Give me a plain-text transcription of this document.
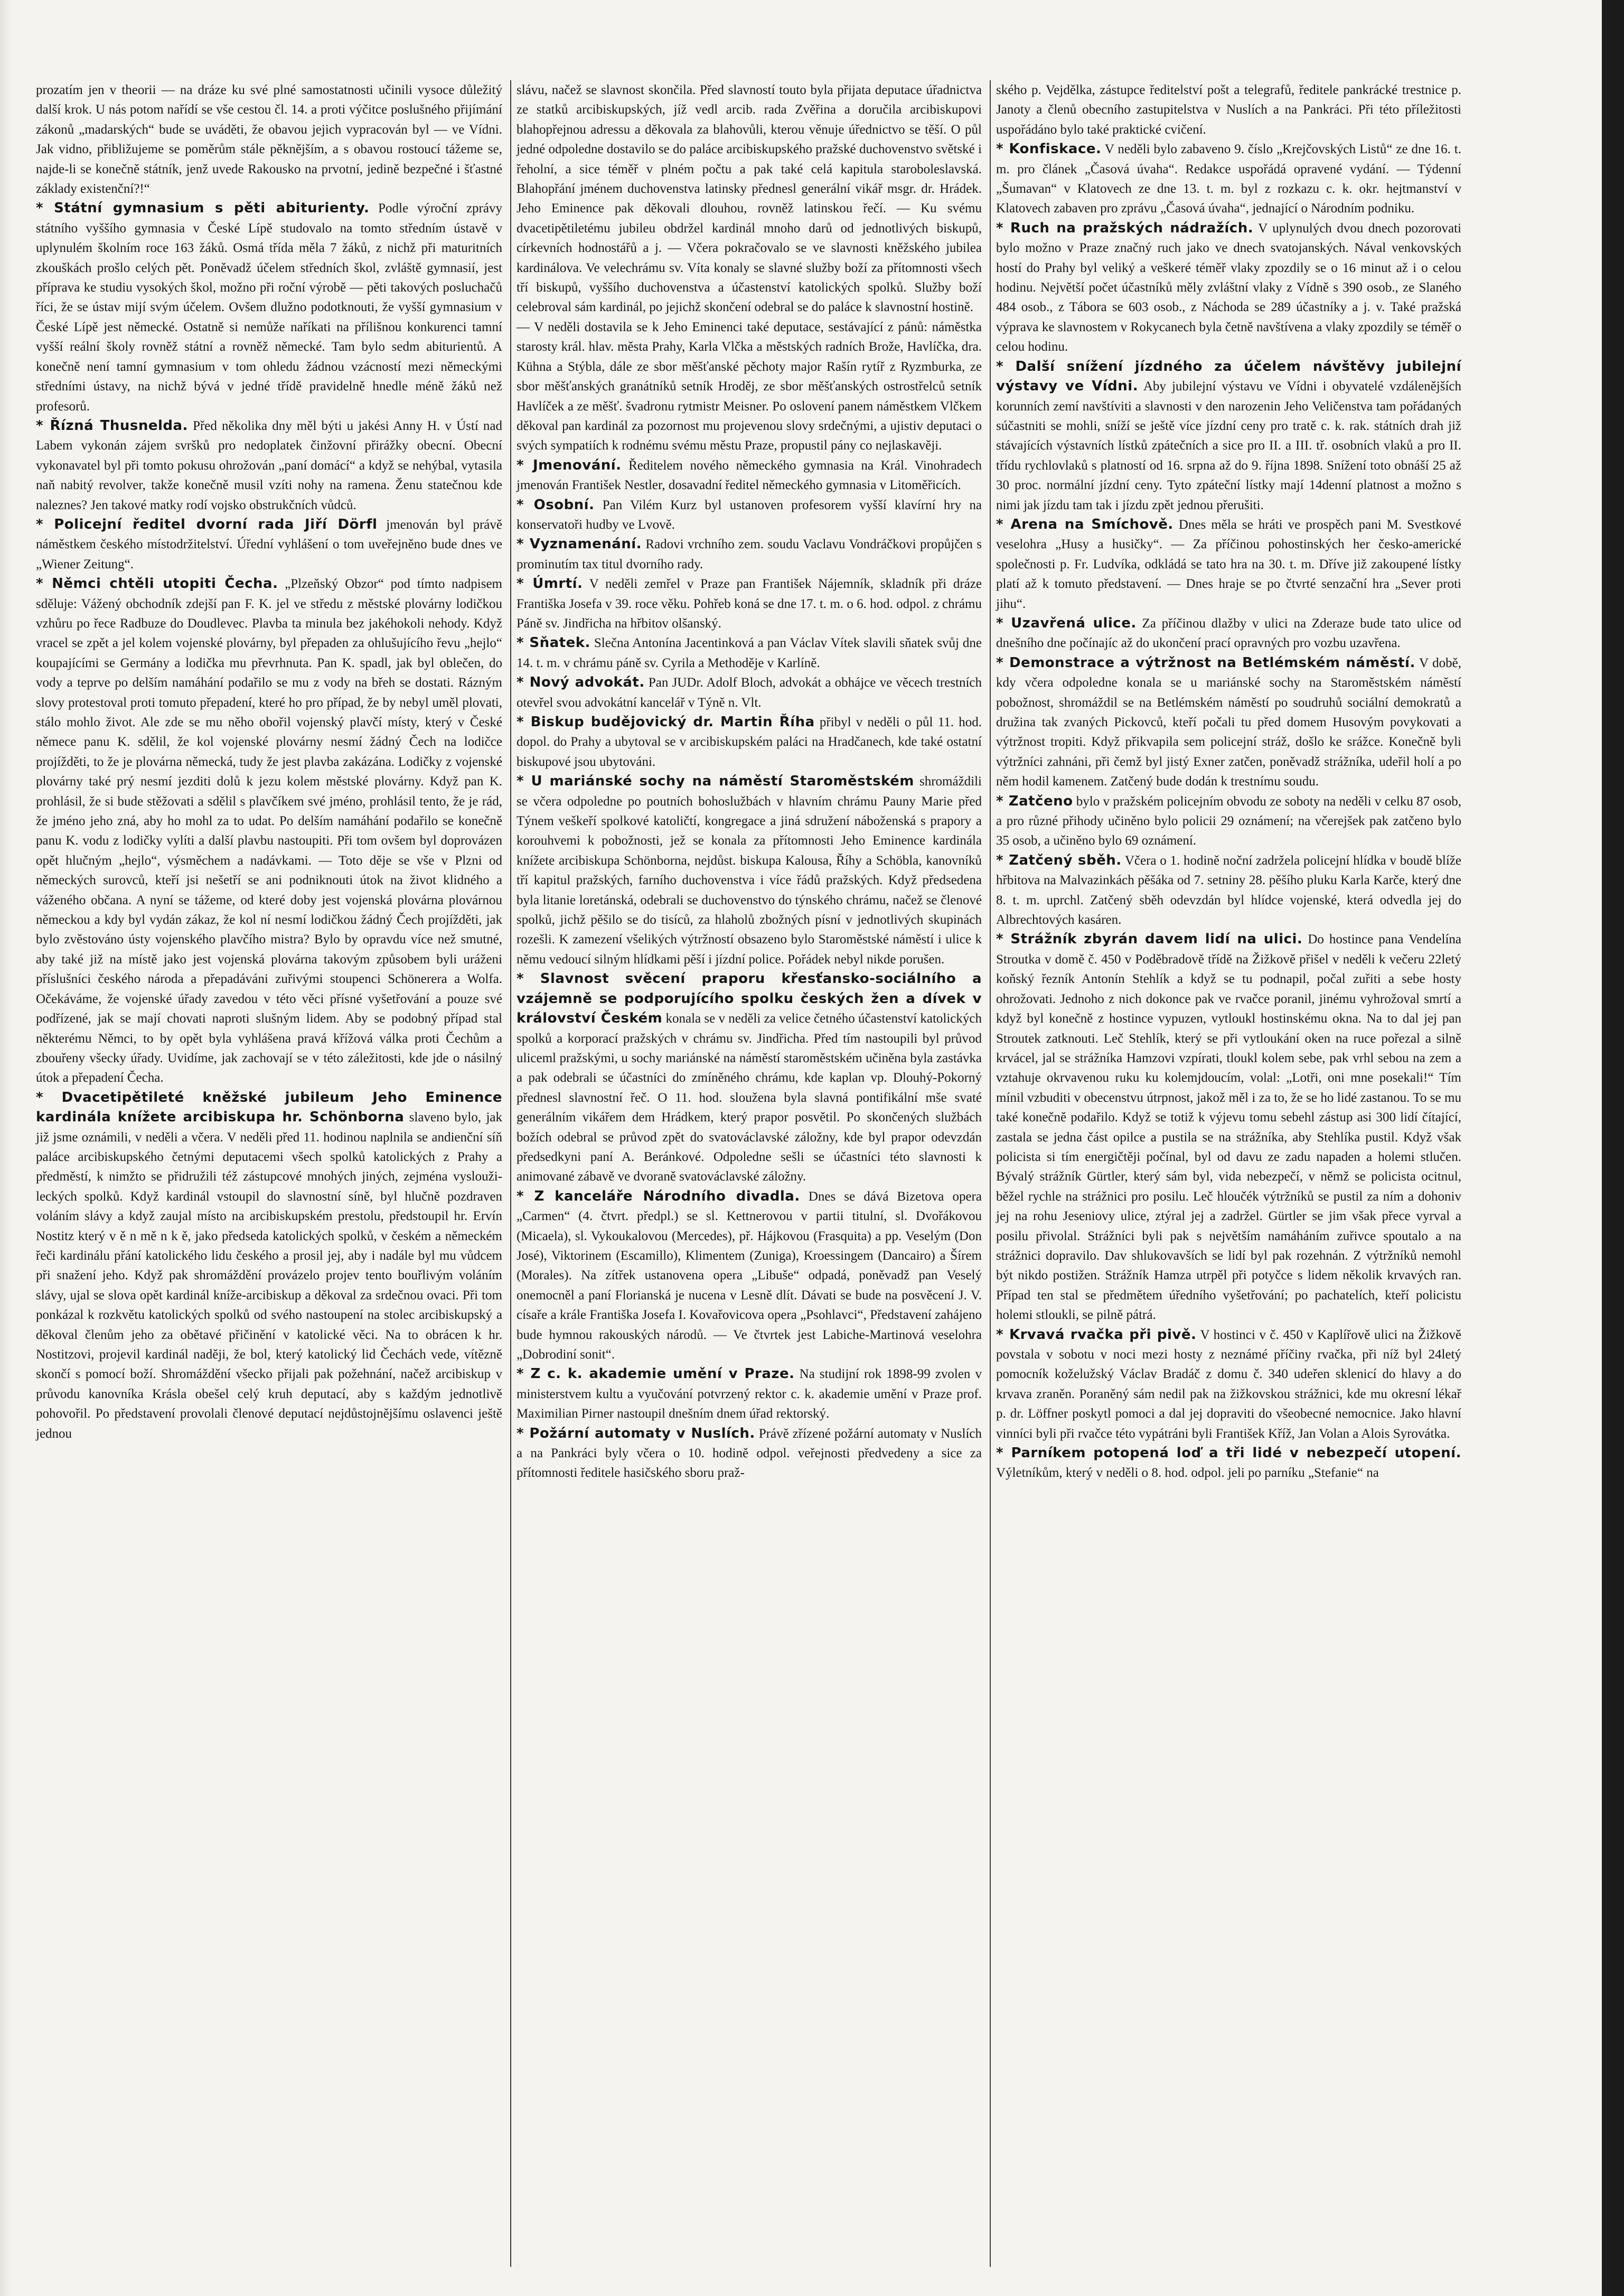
prozatím jen v theorii — na dráze ku své plné samostatnosti učinili vysoce důležitý další krok. U nás potom nařídí se vše cestou čl. 14. a proti výčitce poslušného přijímání zákonů „madarských“ bude se uváděti, že obavou jejich vypracován byl — ve Vídni. Jak vidno, přibližujeme se poměrům stále pěknějším, a s obavou rostoucí tážeme se, najde-li se konečně státník, jenž uvede Rakousko na prvotní, jedině bezpečné i šťastné základy existenční?!“

* Státní gymnasium s pěti abiturienty. Podle výroční zprávy státního vyššího gymnasia v České Lípě studovalo na tomto středním ústavě v uplynulém školním roce 163 žáků. Osmá třída měla 7 žáků, z nichž při maturitních zkouškách prošlo celých pět. Poněvadž účelem středních škol, zvláště gymnasií, jest příprava ke studiu vysokých škol, možno při roční výrobě — pěti takových posluchačů říci, že se ústav mijí svým účelem. Ovšem dlužno podotknouti, že vyšší gymnasium v České Lípě jest německé. Ostatně si nemůže naříkati na přílišnou konkurenci tamní vyšší reální školy rovněž státní a rovněž německé. Tam bylo sedm abiturientů. A konečně není tamní gymnasium v tom ohledu žádnou vzácností mezi německými středními ústavy, na nichž bývá v jedné třídě pravidelně hnedle méně žáků než profesorů.

* Řízná Thusnelda. Před několika dny měl býti u jakési Anny H. v Ústí nad Labem vykonán zájem svršků pro nedoplatek činžovní přirážky obecní. Obecní vykonavatel byl při tomto pokusu ohrožován „paní domácí“ a když se nehýbal, vytasila naň nabitý revolver, takže konečně musil vzíti nohy na ramena. Ženu statečnou kde naleznes? Jen takové matky rodí vojsko obstrukčních vůdců.

* Policejní ředitel dvorní rada Jiří Dörfl jmenován byl právě náměstkem českého místodržitelství. Úřední vyhlášení o tom uveřejněno bude dnes ve „Wiener Zeitung“.

* Němci chtěli utopiti Čecha. „Plzeňský Obzor“ pod tímto nadpisem sděluje: Vážený obchodník zdejší pan F. K. jel ve středu z městské plovárny lodičkou vzhůru po řece Radbuze do Doudlevec. Plavba ta minula bez jakéhokoli nehody. Když vracel se zpět a jel kolem vojenské plovárny, byl přepaden za ohlušujícího řevu „hejlo“ koupajícími se Germány a lodička mu převrhnuta. Pan K. spadl, jak byl oblečen, do vody a teprve po delším namáhání podařilo se mu z vody na břeh se dostati. Rázným slovy protestoval proti tomuto přepadení, které ho pro případ, že by nebyl uměl plovati, stálo mohlo život. Ale zde se mu něho obořil vojenský plavčí místy, který v České němece panu K. sdělil, že kol vojenské plovárny nesmí žádný Čech na lodičce projížděti, to že je plovárna německá, tudy že jest plavba zakázána. Lodičky z vojenské plovárny také prý nesmí jezditi dolů k jezu kolem městské plovárny. Když pan K. prohlásil, že si bude stěžovati a sdělil s plavčíkem své jméno, prohlásil tento, že je rád, že jméno jeho zná, aby ho mohl za to udat. Po delším namáhání podařilo se konečně panu K. vodu z lodičky vylíti a další plavbu nastoupiti. Při tom ovšem byl doprovázen opět hlučným „hejlo“, výsměchem a nadávkami. — Toto děje se vše v Plzni od německých surovců, kteří jsi nešetří se ani podniknouti útok na život klidného a váženého občana. A nyní se tážeme, od které doby jest vojenská plovárna plovárnou německou a kdy byl vydán zákaz, že kol ní nesmí lodičkou žádný Čech projížděti, jak bylo zvěstováno ústy vojenského plavčího mistra? Bylo by opravdu více než smutné, aby také již na místě jako jest vojenská plovárna takovým způsobem byli uráženi příslušníci českého národa a přepadáváni zuřivými stoupenci Schönerera a Wolfa. Očekáváme, že vojenské úřady zavedou v této věci přísné vyšetřování a pouze své podřízené, jak se mají chovati naproti slušným lidem. Aby se podobný případ stal některému Němci, to by opět byla vyhlášena pravá křížová válka proti Čechům a zbouřeny všecky úřady. Uvidíme, jak zachovají se v této záležitosti, kde jde o násilný útok a přepadení Čecha.

* Dvacetipětileté kněžské jubileum Jeho Eminence kardinála knížete arcibiskupa hr. Schönborna slaveno bylo, jak již jsme oznámili, v neděli a včera. V neděli před 11. hodinou naplnila se andienční síň paláce arcibiskupského četnými deputacemi všech spolků katolických z Prahy a předměstí, k nimžto se přidružili též zástupcové mnohých jiných, zejména vysloužileckých spolků. Když kardinál vstoupil do slavnostní síně, byl hlučně pozdraven voláním slávy a když zaujal místo na arcibiskupském prestolu, předstoupil hr. Ervín Nostitz který v ě n mě n k ě, jako předseda katolických spolků, v českém a německém řeči kardinálu přání katolického lidu českého a prosil jej, aby i nadále byl mu vůdcem při snažení jeho. Když pak shromáždění provázelo projev tento bouřlivým voláním slávy, ujal se slova opět kardinál kníže-arcibiskup a děkoval za srdečnou ovaci. Při tom ponkázal k rozkvětu katolických spolků od svého nastoupení na stolec arcibiskupský a děkoval členům jeho za obětavé přičinění v katolické věci. Na to obrácen k hr. Nostitzovi, projevil kardinál naději, že bol, který katolický lid Čechách vede, vítězně skončí s pomocí boží. Shromáždění všecko přijali pak požehnání, načež arcibiskup v průvodu kanovníka Krásla obešel celý kruh deputací, aby s každým jednotlivě pohovořil. Po představení provolali členové deputací nejdůstojnějšímu oslavenci ještě jednou

slávu, načež se slavnost skončila. Před slavností touto byla přijata deputace úřadnictva ze statků arcibiskupských, jíž vedl arcib. rada Zvěřina a doručila arcibiskupovi blahopřejnou adressu a děkovala za blahovůli, kterou věnuje úřednictvo se těší. O půl jedné odpoledne dostavilo se do paláce arcibiskupského pražské duchovenstvo světské i řeholní, a sice téměř v plném počtu a pak také celá kapitula staroboleslavská. Blahopřání jménem duchovenstva latinsky přednesl generální vikář msgr. dr. Hrádek. Jeho Eminence pak děkovali dlouhou, rovněž latinskou řečí. — Ku svému dvacetipětiletému jubileu obdržel kardinál mnoho darů od jednotlivých biskupů, církevních hodnostářů a j. — Včera pokračovalo se ve slavnosti kněžského jubilea kardinálova. Ve velechrámu sv. Víta konaly se slavné služby boží za přítomnosti všech tří biskupů, vyššího duchovenstva a účastenství katolických spolků. Služby boží celebroval sám kardinál, po jejichž skončení odebral se do paláce k slavnostní hostině.

— V neděli dostavila se k Jeho Eminenci také deputace, sestávající z pánů: náměstka starosty král. hlav. města Prahy, Karla Vlčka a městských radních Brože, Havlíčka, dra. Kühna a Stýbla, dále ze sbor měšťanské pěchoty major Rašín rytíř z Ryzmburka, ze sbor měšťanských granátníků setník Hroděj, ze sbor měšťanských ostrostřelců setník Havlíček a ze měšť. švadronu rytmistr Meisner. Po oslovení panem náměstkem Vlčkem děkoval pan kardinál za pozornost mu projevenou slovy srdečnými, a ujistiv deputaci o svých sympatiích k rodnému svému městu Praze, propustil pány co nejlaskavěji.

* Jmenování. Ředitelem nového německého gymnasia na Král. Vinohradech jmenován František Nestler, dosavadní ředitel německého gymnasia v Litoměřicích.

* Osobní. Pan Vilém Kurz byl ustanoven profesorem vyšší klavírní hry na konservatoři hudby ve Lvově.

* Vyznamenání. Radovi vrchního zem. soudu Vaclavu Vondráčkovi propůjčen s prominutím tax titul dvorního rady.

* Úmrtí. V neděli zemřel v Praze pan František Nájemník, skladník při dráze Františka Josefa v 39. roce věku. Pohřeb koná se dne 17. t. m. o 6. hod. odpol. z chrámu Páně sv. Jindřicha na hřbitov olšanský.

* Sňatek. Slečna Antonína Jacentinková a pan Václav Vítek slavili sňatek svůj dne 14. t. m. v chrámu páně sv. Cyrila a Methoděje v Karlíně.

* Nový advokát. Pan JUDr. Adolf Bloch, advokát a obhájce ve věcech trestních otevřel svou advokátní kancelář v Týně n. Vlt.

* Biskup budějovický dr. Martin Říha přibyl v neděli o půl 11. hod. dopol. do Prahy a ubytoval se v arcibiskupském paláci na Hradčanech, kde také ostatní biskupové jsou ubytováni.

* U mariánské sochy na náměstí Staroměstském shromáždili se včera odpoledne po poutních bohoslužbách v hlavním chrámu Pauny Marie před Týnem veškeří spolkové katoličtí, kongregace a jiná sdružení náboženská s prapory a korouhvemi k pobožnosti, jež se konala za přítomnosti Jeho Eminence kardinála knížete arcibiskupa Schönborna, nejdůst. biskupa Kalousa, Říhy a Schöbla, kanovníků tří kapitul pražských, farního duchovenstva i více řádů pražských. Když předsedena byla litanie loretánská, odebrali se duchovenstvo do týnského chrámu, načež se členové spolků, jichž pěšilo se do tisíců, za hlaholů zbožných písní v jednotlivých skupinách rozešli. K zamezení všelikých výtržností obsazeno bylo Staroměstské náměstí i ulice k němu vedoucí silným hlídkami pěší i jízdní police. Pořádek nebyl nikde porušen.

* Slavnost svěcení praporu křesťansko-sociálního a vzájemně se podporujícího spolku českých žen a dívek v království Českém konala se v neděli za velice četného účastenství katolických spolků a korporací pražských v chrámu sv. Jindřicha. Před tím nastoupili byl průvod uliceml pražskými, u sochy mariánské na náměstí staroměstském učiněna byla zastávka a pak odebrali se účastníci do zmíněného chrámu, kde kaplan vp. Dlouhý-Pokorný přednesl slavnostní řeč. O 11. hod. sloužena byla slavná pontifikální mše svaté generálním vikářem dem Hrádkem, který prapor posvětil. Po skončených službách božích odebral se průvod zpět do svatováclavské záložny, kde byl prapor odevzdán předsedkyni paní A. Beránkové. Odpoledne sešli se účastníci této slavnosti k animované zábavě ve dvoraně svatováclavské záložny.

* Z kanceláře Národního divadla. Dnes se dává Bizetova opera „Carmen“ (4. čtvrt. předpl.) se sl. Kettnerovou v partii titulní, sl. Dvořákovou (Micaela), sl. Vykoukalovou (Mercedes), př. Hájkovou (Frasquita) a pp. Veselým (Don José), Viktorinem (Escamillo), Klimentem (Zuniga), Kroessingem (Dancairo) a Šírem (Morales). Na zítřek ustanovena opera „Libuše“ odpadá, poněvadž pan Veselý onemocněl a paní Florianská je nucena v Lesně dlít. Dávati se bude na posvěcení J. V. císaře a krále Františka Josefa I. Kovařovicova opera „Psohlavci“, Představení zahájeno bude hymnou rakouských národů. — Ve čtvrtek jest Labiche-Martinová veselohra „Dobrodiní sonit“.

* Z c. k. akademie umění v Praze. Na studijní rok 1898-99 zvolen v ministerstvem kultu a vyučování potvrzený rektor c. k. akademie umění v Praze prof. Maximilian Pirner nastoupil dnešním dnem úřad rektorský.

* Požární automaty v Nuslích. Právě zřízené požární automaty v Nuslích a na Pankráci byly včera o 10. hodině odpol. veřejnosti předvedeny a sice za přítomnosti ředitele hasičského sboru praž-

ského p. Vejdělka, zástupce ředitelství pošt a telegrafů, ředitele pankrácké trestnice p. Janoty a členů obecního zastupitelstva v Nuslích a na Pankráci. Při této příležitosti uspořádáno bylo také praktické cvičení.

* Konfiskace. V neděli bylo zabaveno 9. číslo „Krejčovských Listů“ ze dne 16. t. m. pro článek „Časová úvaha“. Redakce uspořádá opravené vydání. — Týdenní „Šumavan“ v Klatovech ze dne 13. t. m. byl z rozkazu c. k. okr. hejtmanství v Klatovech zabaven pro zprávu „Časová úvaha“, jednající o Národním podniku.

* Ruch na pražských nádražích. V uplynulých dvou dnech pozorovati bylo možno v Praze značný ruch jako ve dnech svatojanských. Nával venkovských hostí do Prahy byl veliký a veškeré téměř vlaky zpozdily se o 16 minut až i o celou hodinu. Největší počet účastníků měly zvláštní vlaky z Vídně s 390 osob., ze Slaného 484 osob., z Tábora se 603 osob., z Náchoda se 289 účastníky a j. v. Také pražská výprava ke slavnostem v Rokycanech byla četně navštívena a vlaky zpozdily se téměř o celou hodinu.

* Další snížení jízdného za účelem návštěvy jubilejní výstavy ve Vídni. Aby jubilejní výstavu ve Vídni i obyvatelé vzdálenějších korunních zemí navštíviti a slavnosti v den narozenin Jeho Veličenstva tam pořádaných súčastniti se mohli, sníží se ještě více jízdní ceny pro tratě c. k. rak. státních drah již stávajících výstavních lístků zpátečních a sice pro II. a III. tř. osobních vlaků a pro II. třídu rychlovlaků s platností od 16. srpna až do 9. října 1898. Snížení toto obnáší 25 až 30 proc. normální jízdní ceny. Tyto zpáteční lístky mají 14denní platnost a možno s nimi jak jízdu tam tak i jízdu zpět jednou přerušiti.

* Arena na Smíchově. Dnes měla se hráti ve prospěch pani M. Svestkové veselohra „Husy a husičky“. — Za příčinou pohostinských her česko-americké společnosti p. Fr. Ludvíka, odkládá se tato hra na 30. t. m. Dříve již zakoupené lístky platí až k tomuto představení. — Dnes hraje se po čtvrté senzační hra „Sever proti jihu“.

* Uzavřená ulice. Za příčinou dlažby v ulici na Zderaze bude tato ulice od dnešního dne počínajíc až do ukončení prací opravných pro vozbu uzavřena.

* Demonstrace a výtržnost na Betlémském náměstí. V době, kdy včera odpoledne konala se u mariánské sochy na Staroměstském náměstí pobožnost, shromáždil se na Betlémském náměstí po soudruhů sociální demokratů a družina tak zvaných Pickovců, kteří počali tu před domem Husovým povykovati a výtržnost tropiti. Když přikvapila sem policejní stráž, došlo ke srážce. Konečně byli výtržníci zahnáni, při čemž byl jistý Exner zatčen, poněvadž strážníka, udeřil holí a po něm hodil kamenem. Zatčený bude dodán k trestnímu soudu.

* Zatčeno bylo v pražském policejním obvodu ze soboty na neděli v celku 87 osob, a pro různé přihody učiněno bylo policii 29 oznámení; na včerejšek pak zatčeno bylo 35 osob, a učiněno bylo 69 oznámení.

* Zatčený sběh. Včera o 1. hodině noční zadržela policejní hlídka v boudě blíže hřbitova na Malvazinkách pěšáka od 7. setniny 28. pěšího pluku Karla Karče, který dne 8. t. m. uprchl. Zatčený sběh odevzdán byl hlídce vojenské, která odvedla jej do Albrechtových kasáren.

* Strážník zbyrán davem lidí na ulici. Do hostince pana Vendelína Stroutka v domě č. 450 v Poděbradově třídě na Žižkově přišel v neděli k večeru 22letý koňský řezník Antonín Stehlík a když se tu podnapil, počal zuřiti a sebe hosty ohrožovati. Jednoho z nich dokonce pak ve rvačce poranil, jinému vyhrožoval smrtí a když byl konečně z hostince vypuzen, vytloukl hostinskému okna. Na to dal jej pan Stroutek zatknouti. Leč Stehlík, který se při vytloukání oken na ruce pořezal a silně krvácel, jal se strážníka Hamzovi vzpírati, tloukl kolem sebe, pak vrhl sebou na zem a vztahuje okrvavenou ruku ku kolemjdoucím, volal: „Lotři, oni mne posekali!“ Tím mínil vzbuditi v obecenstvu útrpnost, jakož měl i za to, že se ho lidé zastanou. To se mu také konečně podařilo. Když se totiž k výjevu tomu sebehl zástup asi 300 lidí čítající, zastala se jedna část opilce a pustila se na strážníka, aby Stehlíka pustil. Když však policista si tím energičtěji počínal, byl od davu ze zadu napaden a holemi stlučen. Bývalý strážník Gürtler, který sám byl, vida nebezpečí, v němž se policista ocitnul, běžel rychle na strážnici pro posilu. Leč hloučék výtržníků se pustil za ním a dohoniv jej na rohu Jeseniovy ulice, ztýral jej a zadržel. Gürtler se jim však přece vyrval a posilu přivolal. Strážníci byli pak s největším namáháním zuřivce spoutalo a na strážnici dopravilo. Dav shlukovavších se lidí byl pak rozehnán. Z výtržníků nemohl být nikdo postižen. Strážník Hamza utrpěl při potyčce s lidem několik krvavých ran. Případ ten stal se předmětem úředního vyšetřování; po pachatelích, kteří policistu holemi stloukli, se pilně pátrá.

* Krvavá rvačka při pivě. V hostinci v č. 450 v Kaplířově ulici na Žižkově povstala v sobotu v noci mezi hosty z neznámé příčiny rvačka, při níž byl 24letý pomocník koželužský Václav Bradáč z domu č. 340 udeřen sklenicí do hlavy a do krvava zraněn. Poraněný sám nedil pak na žižkovskou strážnici, kde mu okresní lékař p. dr. Löffner poskytl pomoci a dal jej dopraviti do všeobecné nemocnice. Jako hlavní vinníci byli při rvačce této vypátráni byli František Kříž, Jan Volan a Alois Syrovátka.

* Parníkem potopená loď a tři lidé v nebezpečí utopení. Výletníkům, který v neděli o 8. hod. odpol. jeli po parníku „Stefanie“ na
